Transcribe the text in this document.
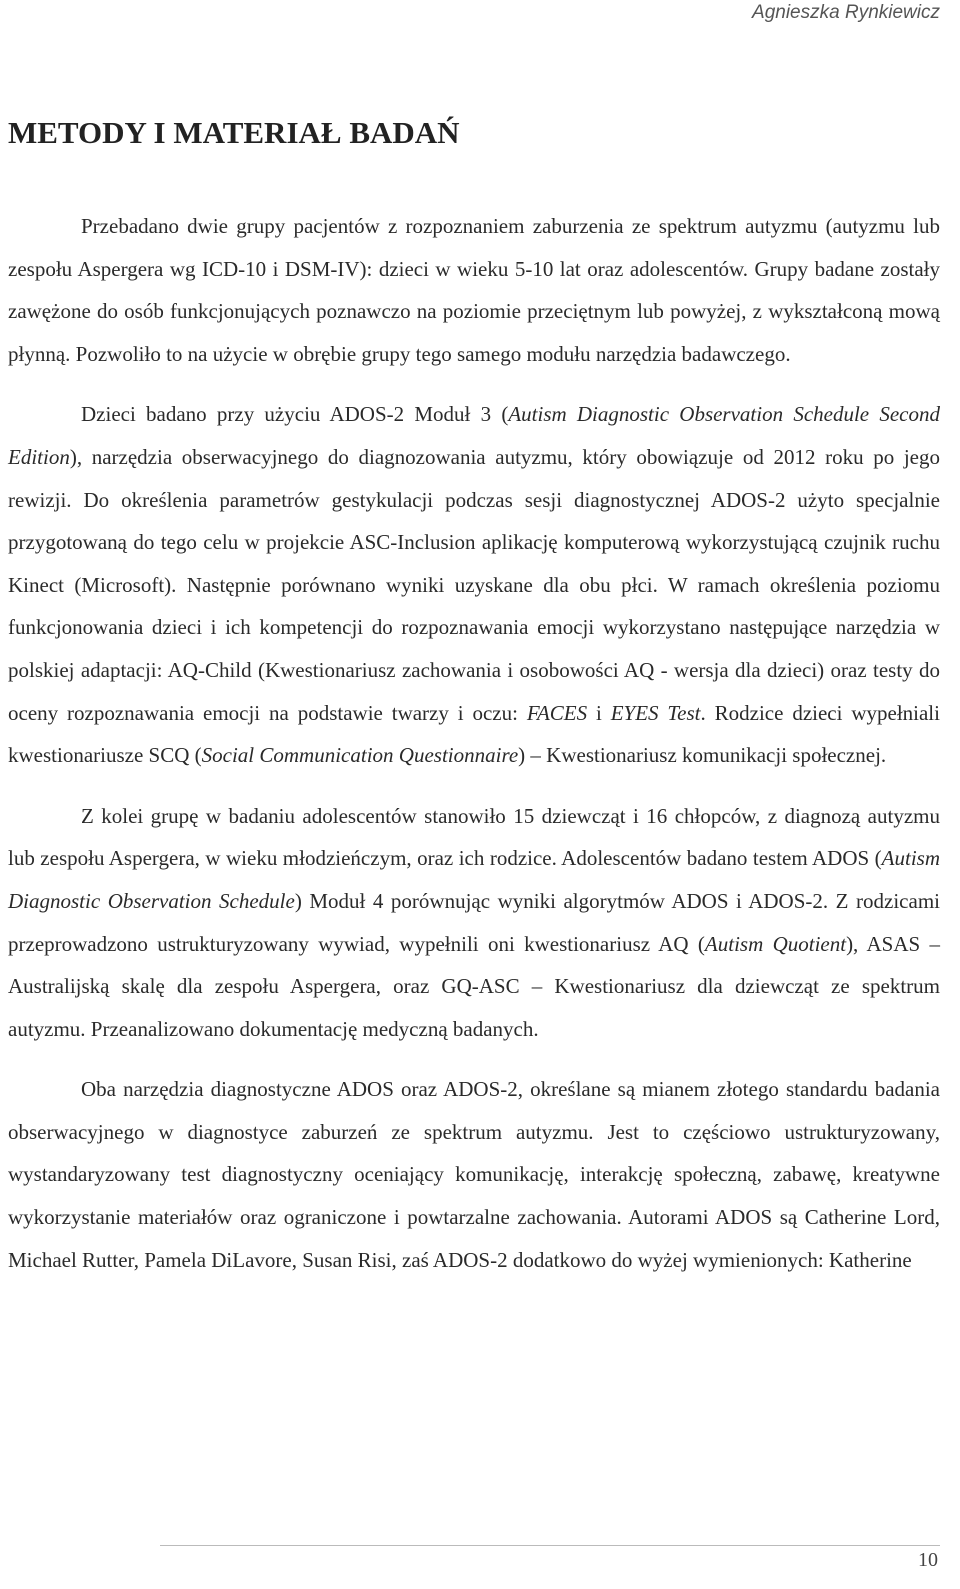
Agnieszka Rynkiewicz
METODY I MATERIAŁ BADAŃ

Przebadano dwie grupy pacjentów z rozpoznaniem zaburzenia ze spektrum autyzmu (autyzmu lub zespołu Aspergera wg ICD-10 i DSM-IV): dzieci w wieku 5-10 lat oraz adolescentów. Grupy badane zostały zawężone do osób funkcjonujących poznawczo na poziomie przeciętnym lub powyżej, z wykształconą mową płynną. Pozwoliło to na użycie w obrębie grupy tego samego modułu narzędzia badawczego.

Dzieci badano przy użyciu ADOS-2 Moduł 3 (Autism Diagnostic Observation Schedule Second Edition), narzędzia obserwacyjnego do diagnozowania autyzmu, który obowiązuje od 2012 roku po jego rewizji. Do określenia parametrów gestykulacji podczas sesji diagnostycznej ADOS-2 użyto specjalnie przygotowaną do tego celu w projekcie ASC-Inclusion aplikację komputerową wykorzystującą czujnik ruchu Kinect (Microsoft). Następnie porównano wyniki uzyskane dla obu płci. W ramach określenia poziomu funkcjonowania dzieci i ich kompetencji do rozpoznawania emocji wykorzystano następujące narzędzia w polskiej adaptacji: AQ-Child (Kwestionariusz zachowania i osobowości AQ - wersja dla dzieci) oraz testy do oceny rozpoznawania emocji na podstawie twarzy i oczu: FACES i EYES Test. Rodzice dzieci wypełniali kwestionariusze SCQ (Social Communication Questionnaire) – Kwestionariusz komunikacji społecznej.

Z kolei grupę w badaniu adolescentów stanowiło 15 dziewcząt i 16 chłopców, z diagnozą autyzmu lub zespołu Aspergera, w wieku młodzieńczym, oraz ich rodzice. Adolescentów badano testem ADOS (Autism Diagnostic Observation Schedule) Moduł 4 porównując wyniki algorytmów ADOS i ADOS-2. Z rodzicami przeprowadzono ustrukturyzowany wywiad, wypełnili oni kwestionariusz AQ (Autism Quotient), ASAS – Australijską skalę dla zespołu Aspergera, oraz GQ-ASC – Kwestionariusz dla dziewcząt ze spektrum autyzmu. Przeanalizowano dokumentację medyczną badanych.

Oba narzędzia diagnostyczne ADOS oraz ADOS-2, określane są mianem złotego standardu badania obserwacyjnego w diagnostyce zaburzeń ze spektrum autyzmu. Jest to częściowo ustrukturyzowany, wystandaryzowany test diagnostyczny oceniający komunikację, interakcję społeczną, zabawę, kreatywne wykorzystanie materiałów oraz ograniczone i powtarzalne zachowania. Autorami ADOS są Catherine Lord, Michael Rutter, Pamela DiLavore, Susan Risi, zaś ADOS-2 dodatkowo do wyżej wymienionych: Katherine

10
